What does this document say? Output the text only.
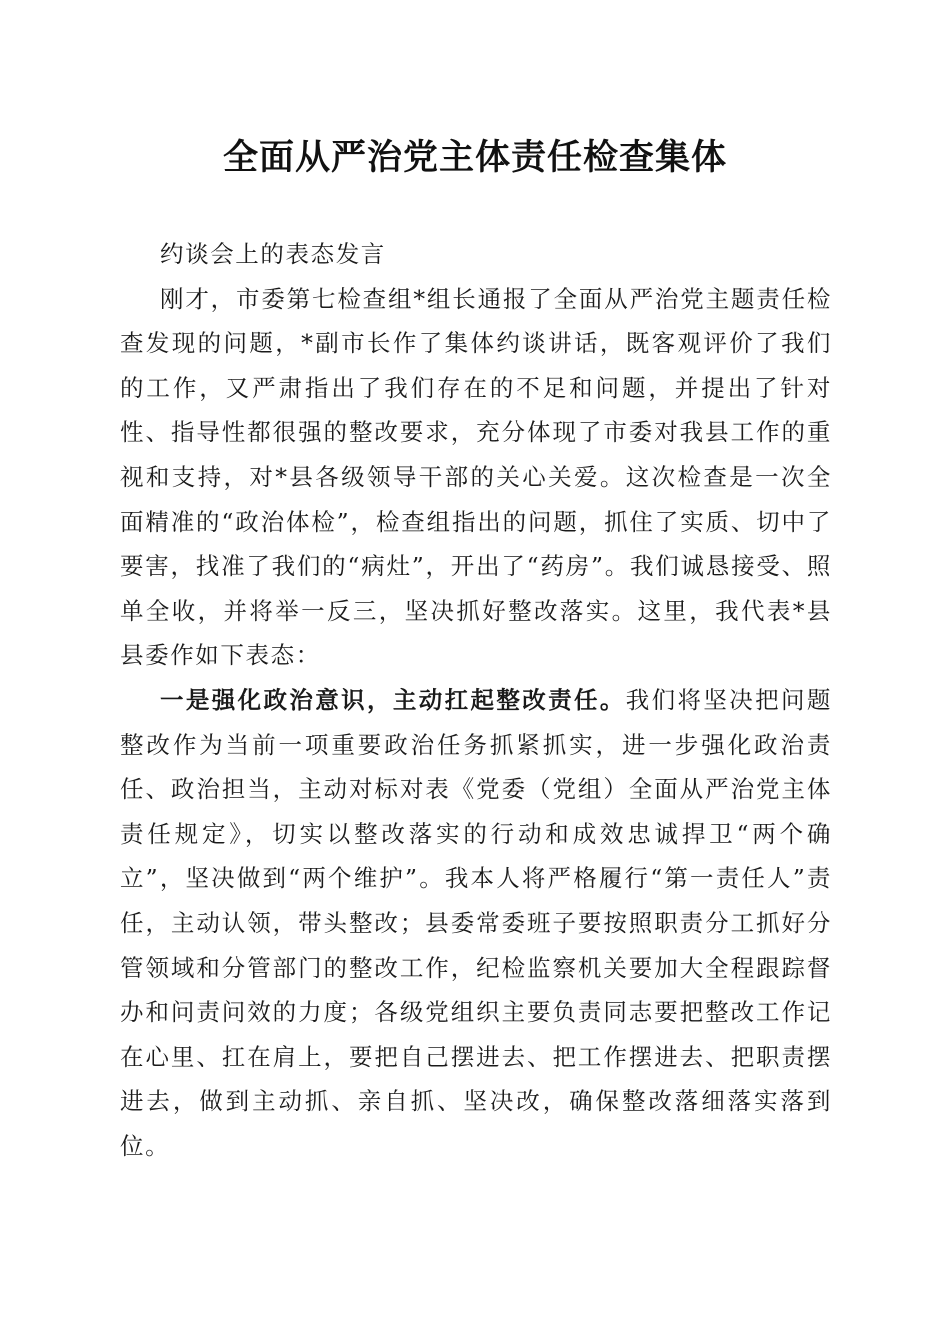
全面从严治党主体责任检查集体

约谈会上的表态发言

刚才，市委第七检查组*组长通报了全面从严治党主题责任检查发现的问题，*副市长作了集体约谈讲话，既客观评价了我们的工作，又严肃指出了我们存在的不足和问题，并提出了针对性、指导性都很强的整改要求，充分体现了市委对我县工作的重视和支持，对*县各级领导干部的关心关爱。这次检查是一次全面精准的“政治体检”，检查组指出的问题，抓住了实质、切中了要害，找准了我们的“病灶”，开出了“药房”。我们诚恳接受、照单全收，并将举一反三，坚决抓好整改落实。这里，我代表*县县委作如下表态：

一是强化政治意识，主动扛起整改责任。我们将坚决把问题整改作为当前一项重要政治任务抓紧抓实，进一步强化政治责任、政治担当，主动对标对表《党委（党组）全面从严治党主体责任规定》，切实以整改落实的行动和成效忠诚捍卫“两个确立”，坚决做到“两个维护”。我本人将严格履行“第一责任人”责任，主动认领，带头整改；县委常委班子要按照职责分工抓好分管领域和分管部门的整改工作，纪检监察机关要加大全程跟踪督办和问责问效的力度；各级党组织主要负责同志要把整改工作记在心里、扛在肩上，要把自己摆进去、把工作摆进去、把职责摆进去，做到主动抓、亲自抓、坚决改，确保整改落细落实落到位。
